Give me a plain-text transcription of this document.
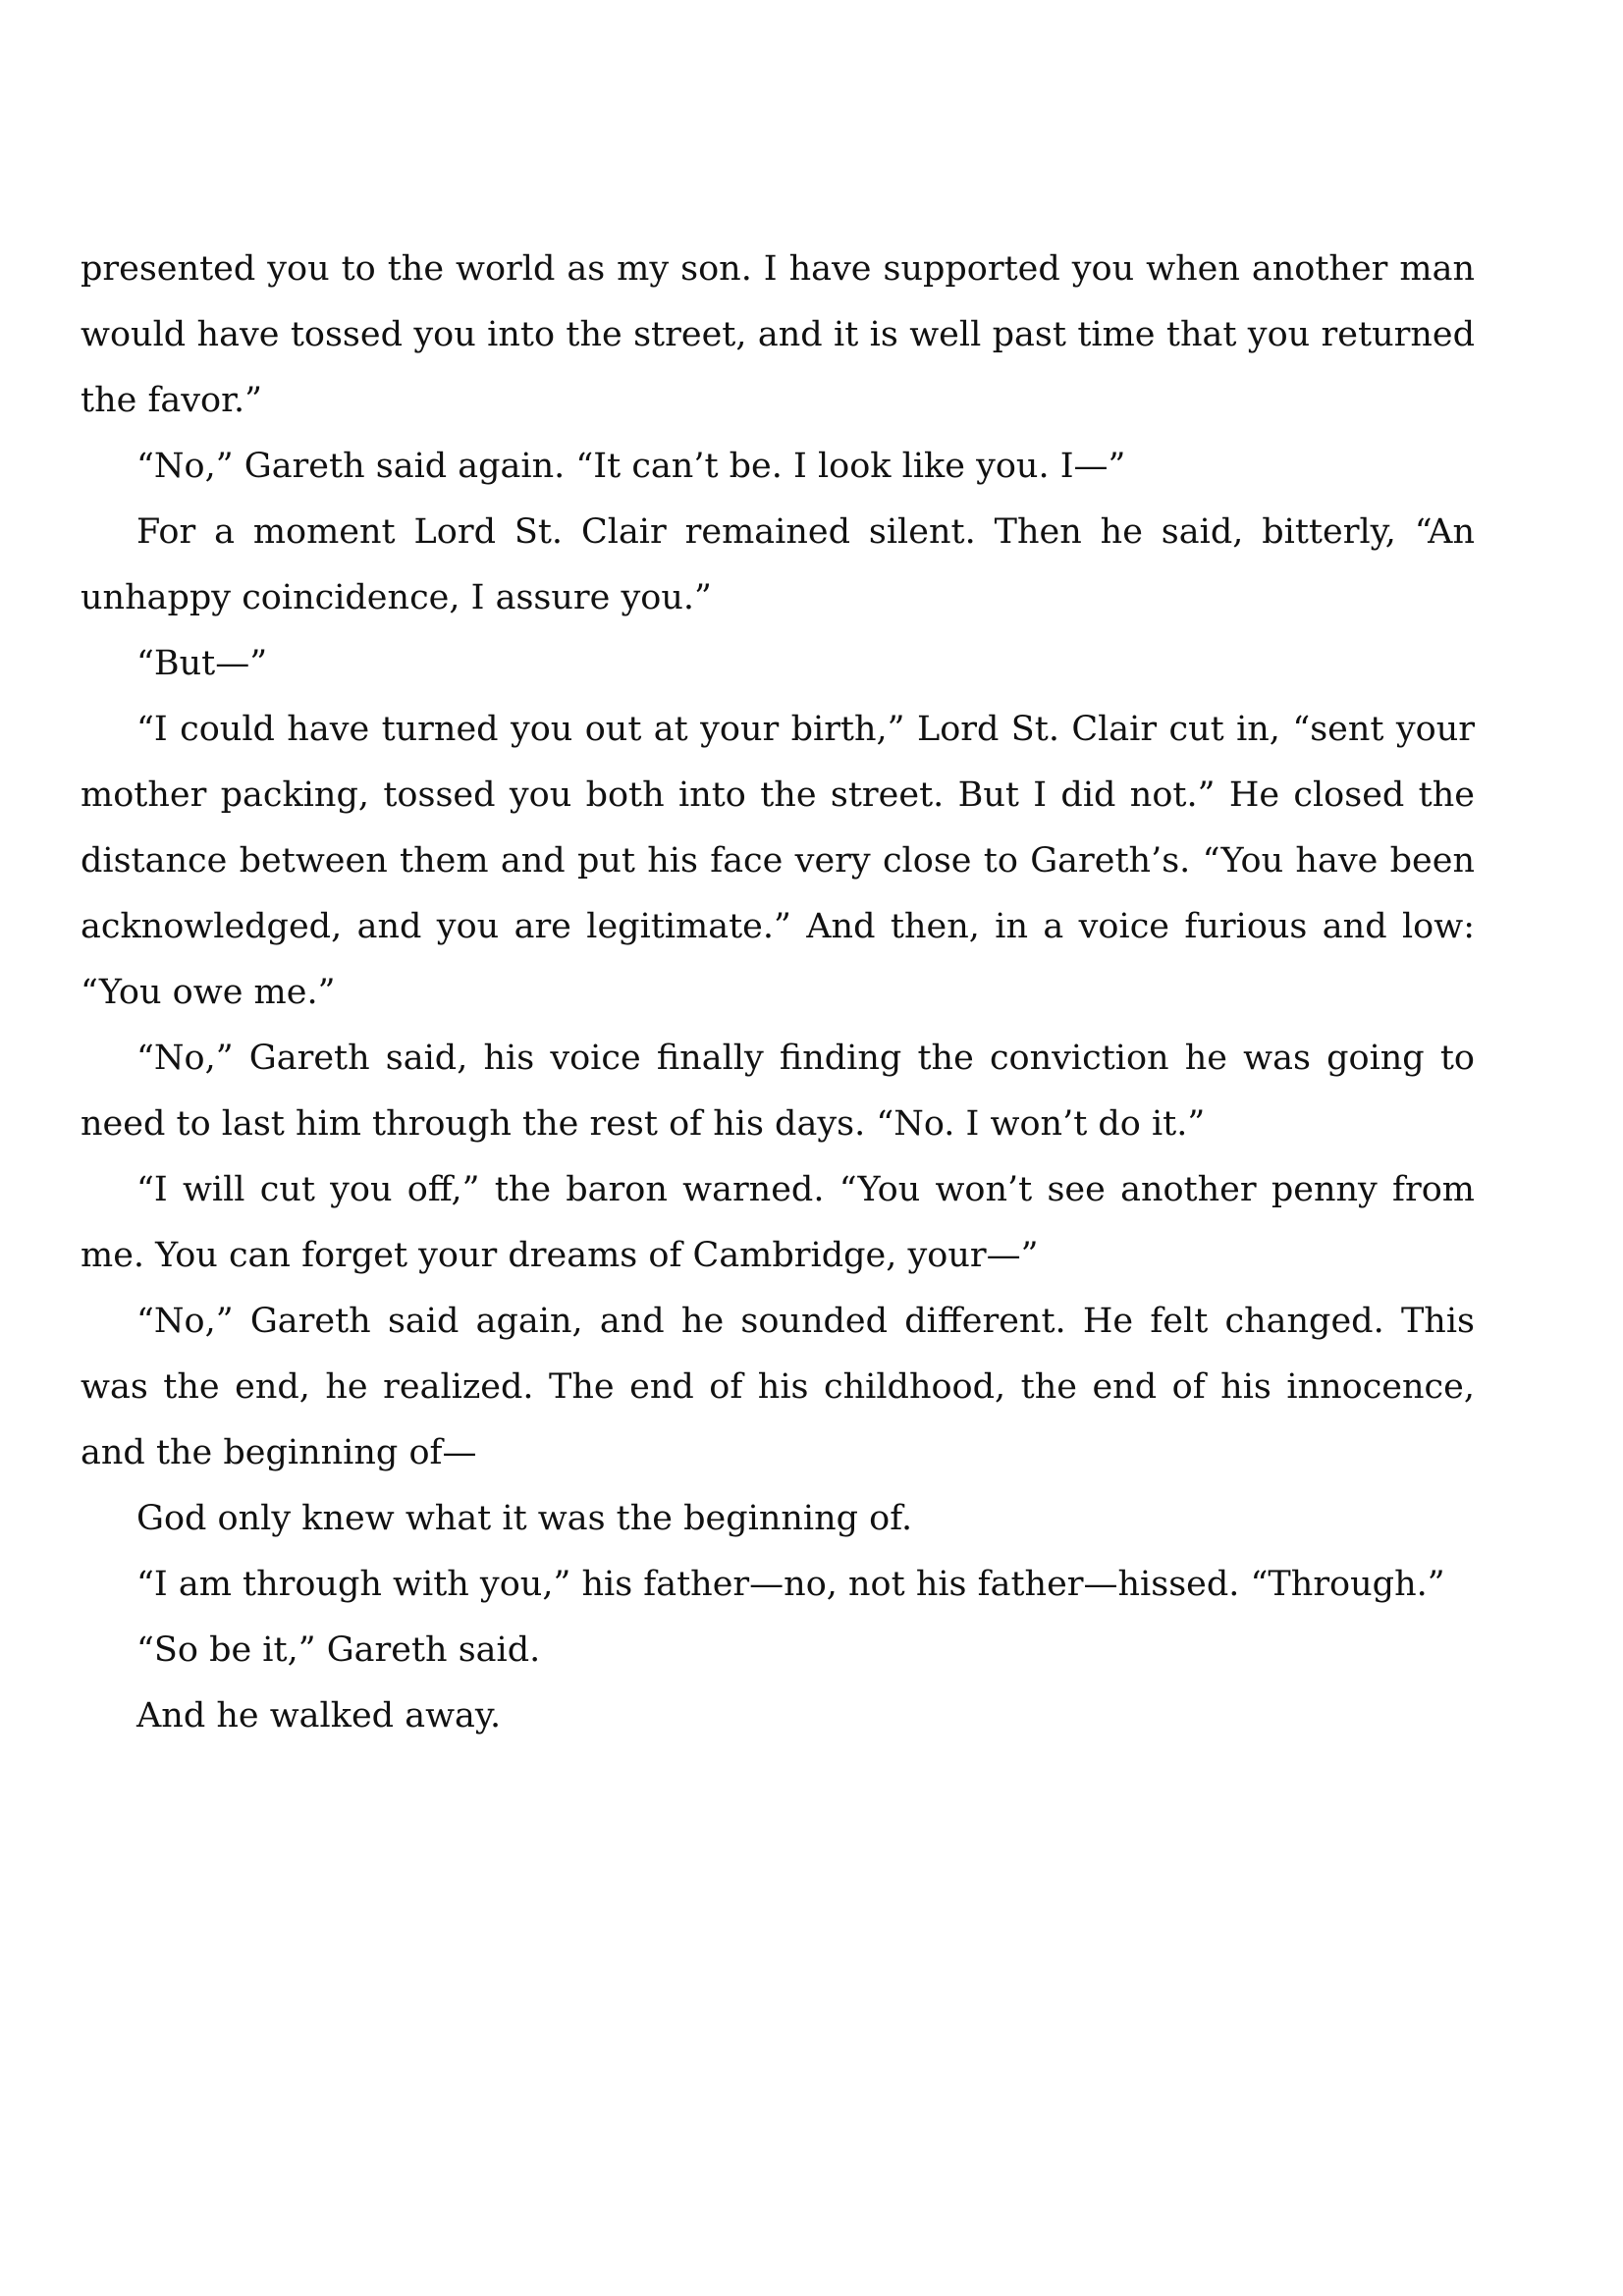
presented you to the world as my son. I have supported you when another man would have tossed you into the street, and it is well past time that you returned the favor.”

“No,” Gareth said again. “It can’t be. I look like you. I—”

For a moment Lord St. Clair remained silent. Then he said, bitterly, “An unhappy coincidence, I assure you.”

“But—”

“I could have turned you out at your birth,” Lord St. Clair cut in, “sent your mother packing, tossed you both into the street. But I did not.” He closed the distance between them and put his face very close to Gareth’s. “You have been acknowledged, and you are legitimate.” And then, in a voice furious and low: “You owe me.”

“No,” Gareth said, his voice finally finding the conviction he was going to need to last him through the rest of his days. “No. I won’t do it.”

“I will cut you off,” the baron warned. “You won’t see another penny from me. You can forget your dreams of Cambridge, your—”

“No,” Gareth said again, and he sounded different. He felt changed. This was the end, he realized. The end of his childhood, the end of his innocence, and the beginning of—

God only knew what it was the beginning of.

“I am through with you,” his father—no, not his father—hissed. “Through.”

“So be it,” Gareth said.

And he walked away.
